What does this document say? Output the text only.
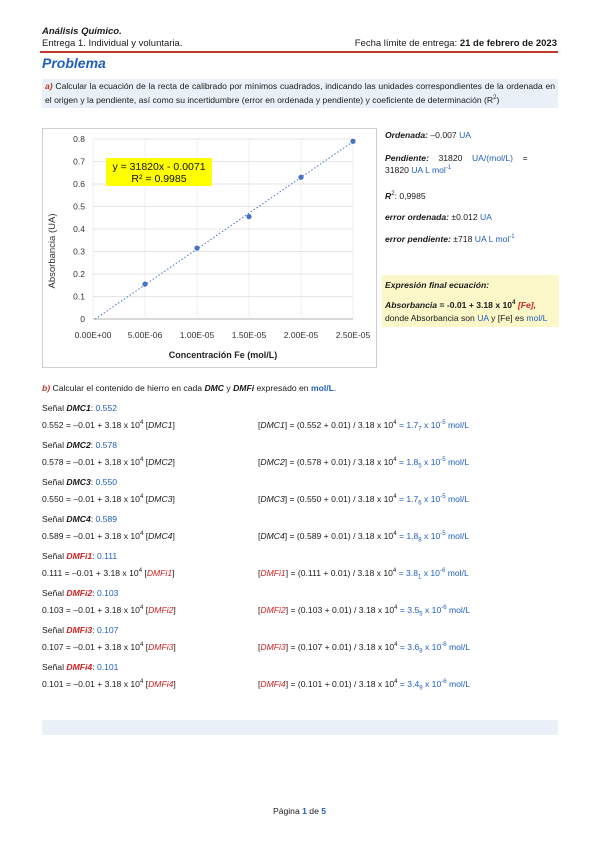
Análisis Químico.
Entrega 1. Individual y voluntaria.	Fecha límite de entrega: 21 de febrero de 2023
Problema
a) Calcular la ecuación de la recta de calibrado por mínimos cuadrados, indicando las unidades correspondientes de la ordenada en el origen y la pendiente, así como su incertidumbre (error en ordenada y pendiente) y coeficiente de determinación $(R^2)$
0
0.1
0.2
0.3
0.4
0.5
0.6
0.7
0.8
0.00E+00 5.00E-06 1.00E-05 1.50E-05 2.00E-05 2.50E-05
y = 31820x - 0.0071
R² = 0.9985
Absorbancia (UA)
Concentración Fe (mol/L)
Ordenada: –0.007 UA
Pendiente: 31820 UA/(mol/L) =
31820 UA L mol$^{-1}$
$R^2$: 0,9985
error ordenada: ±0.012 UA
error pendiente: ±718 UA L mol$^{-1}$
Expresión final ecuación:
Absorbancia = -0.01 + 3.18 x $10^4$ [Fe],
donde Absorbancia son UA y [Fe] es mol/L
b) Calcular el contenido de hierro en cada DMC y DMFi expresado en mol/L.
Señal DMC1: 0.552
0.552 = –0.01 + 3.18 x $10^4$ [DMC1]	[DMC1] = (0.552 + 0.01) / 3.18 x $10^4 = 1.7_7$ x $10^{-5}$ mol/L
Señal DMC2: 0.578
0.578 = –0.01 + 3.18 x $10^4$ [DMC2]	[DMC2] = (0.578 + 0.01) / 3.18 x $10^4 = 1.8_5$ x $10^{-5}$ mol/L
Señal DMC3: 0.550
0.550 = –0.01 + 3.18 x $10^4$ [DMC3]	[DMC3] = (0.550 + 0.01) / 3.18 x $10^4 = 1.7_6$ x $10^{-5}$ mol/L
Señal DMC4: 0.589
0.589 = –0.01 + 3.18 x $10^4$ [DMC4]	[DMC4] = (0.589 + 0.01) / 3.18 x $10^4 = 1.8_8$ x $10^{-5}$ mol/L
Señal DMFi1: 0.111
0.111 = –0.01 + 3.18 x $10^4$ [DMFi1]	[DMFi1] = (0.111 + 0.01) / 3.18 x $10^4 = 3.8_1$ x $10^{-6}$ mol/L
Señal DMFi2: 0.103
0.103 = –0.01 + 3.18 x $10^4$ [DMFi2]	[DMFi2] = (0.103 + 0.01) / 3.18 x $10^4 = 3.5_5$ x $10^{-6}$ mol/L
Señal DMFi3: 0.107
0.107 = –0.01 + 3.18 x $10^4$ [DMFi3]	[DMFi3] = (0.107 + 0.01) / 3.18 x $10^4 = 3.6_8$ x $10^{-6}$ mol/L
Señal DMFi4: 0.101
0.101 = –0.01 + 3.18 x $10^4$ [DMFi4]	[DMFi4] = (0.101 + 0.01) / 3.18 x $10^4 = 3.4_9$ x $10^{-6}$ mol/L
Página 1 de 5
